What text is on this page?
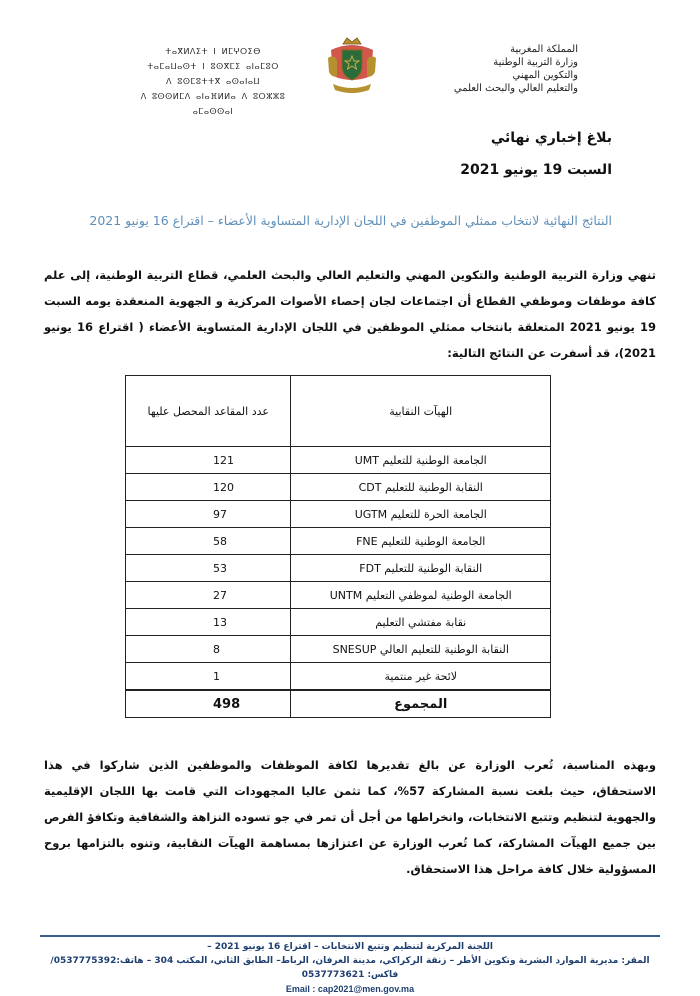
ⵜⴰⴳⵍⴷⵉⵜ ⵏ ⵍⵎⵖⵔⵉⴱ
ⵜⴰⵎⴰⵡⴰⵙⵜ ⵏ ⵓⵙⴳⵎⵉ ⴰⵏⴰⵎⵓⵔ
ⴷ ⵓⵙⵎⵓⵜⵜⴳ ⴰⵙⴰⵏⴰⵡ
ⴷ ⵓⵙⵙⵍⵎⴷ ⴰⵏⴰⴼⵍⵍⴰ ⴷ ⵓⵔⵣⵣⵓ ⴰⵎⴰⵙⵙⴰⵏ
المملكة المغربية
وزارة التربية الوطنية
والتكوين المهني
والتعليم العالي والبحث العلمي
بلاغ إخباري نهائي
السبت 19 يونيو 2021
النتائج النهائية لانتخاب ممثلي الموظفين في اللجان الإدارية المتساوية الأعضاء – اقتراع 16 يونيو 2021
تنهي وزارة التربية الوطنية والتكوين المهني والتعليم العالي والبحث العلمي، قطاع التربية الوطنية، إلى علم كافة موظفات وموظفي القطاع أن اجتماعات لجان إحصاء الأصوات المركزية و الجهوية المنعقدة يومه السبت 19 يونيو 2021 المتعلقة بانتخاب ممثلي الموظفين في اللجان الإدارية المتساوية الأعضاء ( اقتراع 16 يونيو 2021)، قد أسفرت عن النتائج التالية:
الهيآت النقابية	عدد المقاعد المحصل عليها
الجامعة الوطنية للتعليم UMT	121
النقابة الوطنية للتعليم CDT	120
الجامعة الحرة للتعليم UGTM	97
الجامعة الوطنية للتعليم FNE	58
النقابة الوطنية للتعليم FDT	53
الجامعة الوطنية لموظفي التعليم UNTM	27
نقابة مفتشي التعليم	13
النقابة الوطنية للتعليم العالي SNESUP	8
لائحة غير منتمية	1
المجموع	498
وبهذه المناسبة، تُعرب الوزارة عن بالغ تقديرها لكافة الموظفات والموظفين الذين شاركوا في هذا الاستحقاق، حيث بلغت نسبة المشاركة 57%، كما تثمن عاليا المجهودات التي قامت بها اللجان الإقليمية والجهوية لتنظيم وتتبع الانتخابات، وانخراطها من أجل أن تمر في جو تسوده النزاهة والشفافية وتكافؤ الفرص بين جميع الهيآت المشاركة، كما تُعرب الوزارة عن اعتزازها بمساهمة الهيآت النقابية، وتنوه بالتزامها بروح المسؤولية خلال كافة مراحل هذا الاستحقاق.
اللجنة المركزية لتنظيم وتتبع الانتخابات – اقتراع 16 يونيو 2021 –
المقر: مديرية الموارد البشرية وتكوين الأطر – زنقة الركراكي، مدينة العرفان، الرباط– الطابق الثاني، المكتب 304 – هاتف:0537775392/فاكس: 0537773621
Email : cap2021@men.gov.ma
